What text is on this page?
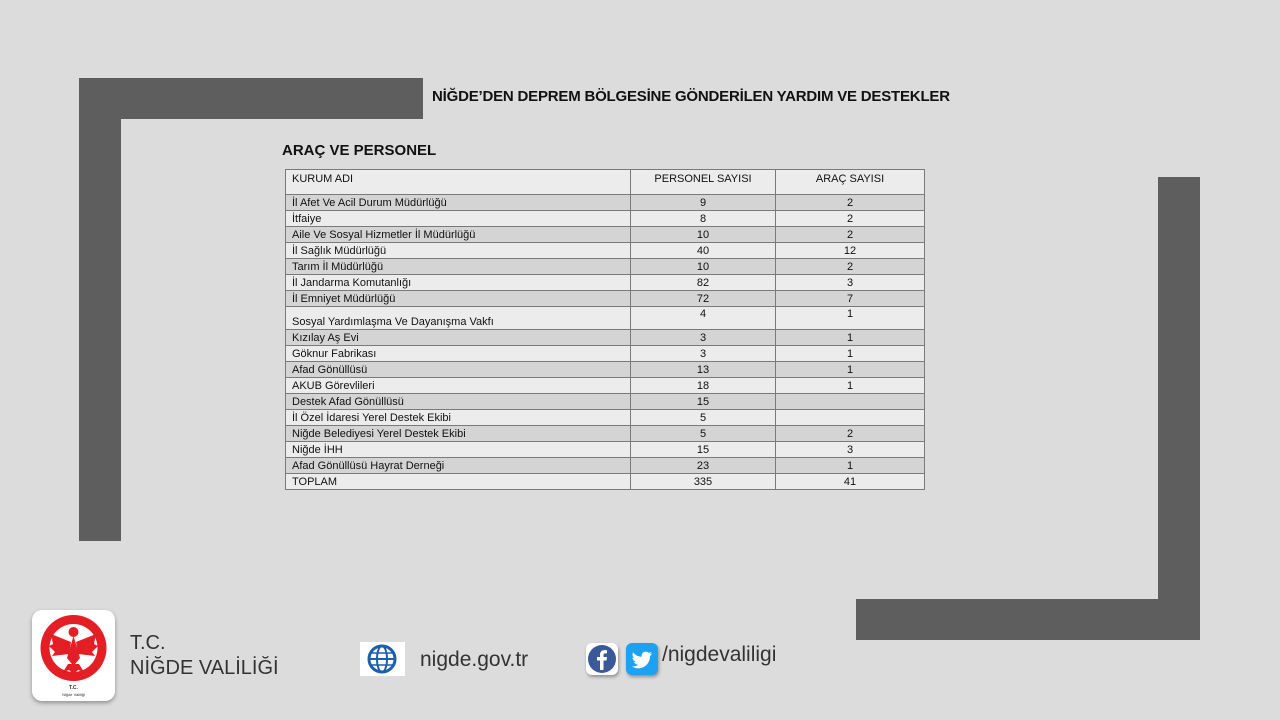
NİĞDE’DEN DEPREM BÖLGESİNE GÖNDERİLEN YARDIM VE DESTEKLER
ARAÇ VE PERSONEL
KURUM ADI	PERSONEL SAYISI	ARAÇ SAYISI
İl Afet Ve Acil Durum Müdürlüğü	9	2
İtfaiye	8	2
Aile Ve Sosyal Hizmetler İl Müdürlüğü	10	2
İl Sağlık Müdürlüğü	40	12
Tarım İl Müdürlüğü	10	2
İl Jandarma Komutanlığı	82	3
İl Emniyet Müdürlüğü	72	7
Sosyal Yardımlaşma Ve Dayanışma Vakfı	4	1
Kızılay Aş Evi	3	1
Göknur Fabrikası	3	1
Afad Gönüllüsü	13	1
AKUB Görevlileri	18	1
Destek Afad Gönüllüsü	15	
İl Özel İdaresi Yerel Destek Ekibi	5	
Niğde Belediyesi Yerel Destek Ekibi	5	2
Niğde İHH	15	3
Afad Gönüllüsü Hayrat Derneği	23	1
TOPLAM	335	41
T.C.
Niğde Valiliği
T.C.
NİĞDE VALİLİĞİ	nigde.gov.tr	/nigdevaliligi
